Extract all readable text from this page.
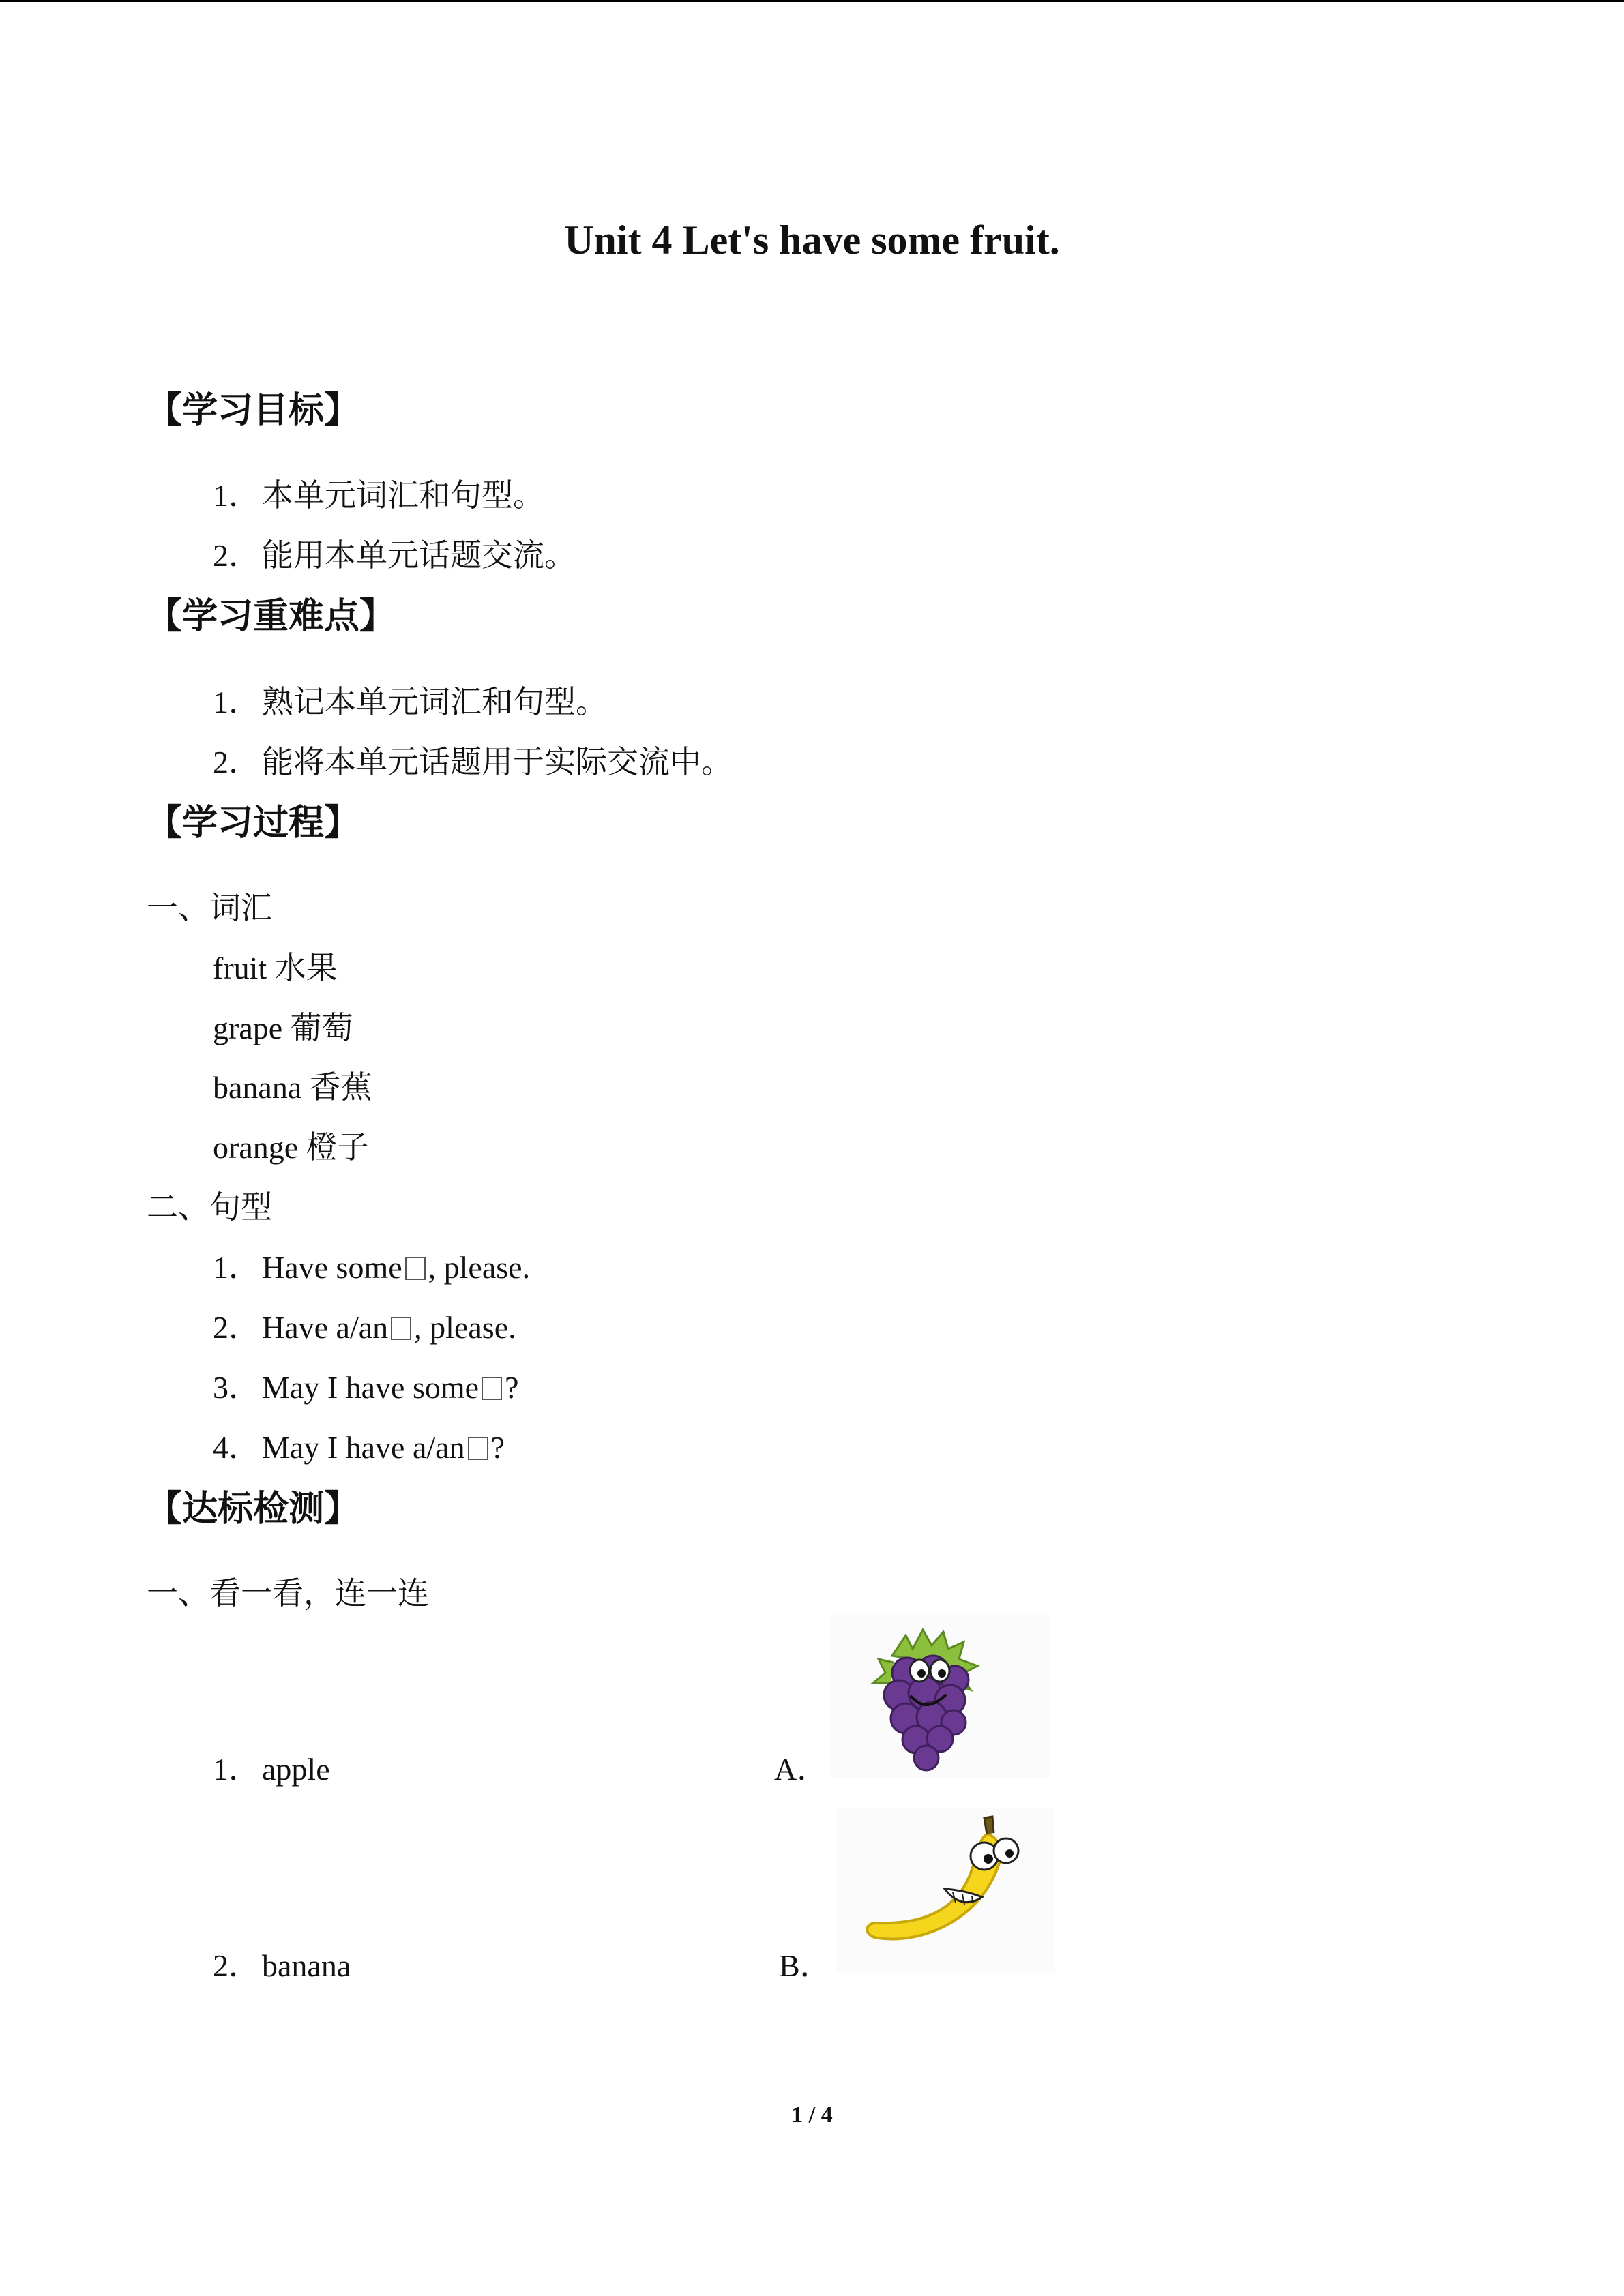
Unit 4 Let's have some fruit.
【学习目标】
1．本单元词汇和句型。
2．能用本单元话题交流。
【学习重难点】
1．熟记本单元词汇和句型。
2．能将本单元话题用于实际交流中。
【学习过程】
一、词汇
fruit 水果
grape 葡萄
banana 香蕉
orange 橙子
二、句型
1．Have some , please.
2．Have a/an , please.
3．May I have some ?
4．May I have a/an ?
【达标检测】
一、看一看，连一连
1．apple
2．banana
A．
B．
1 / 4
